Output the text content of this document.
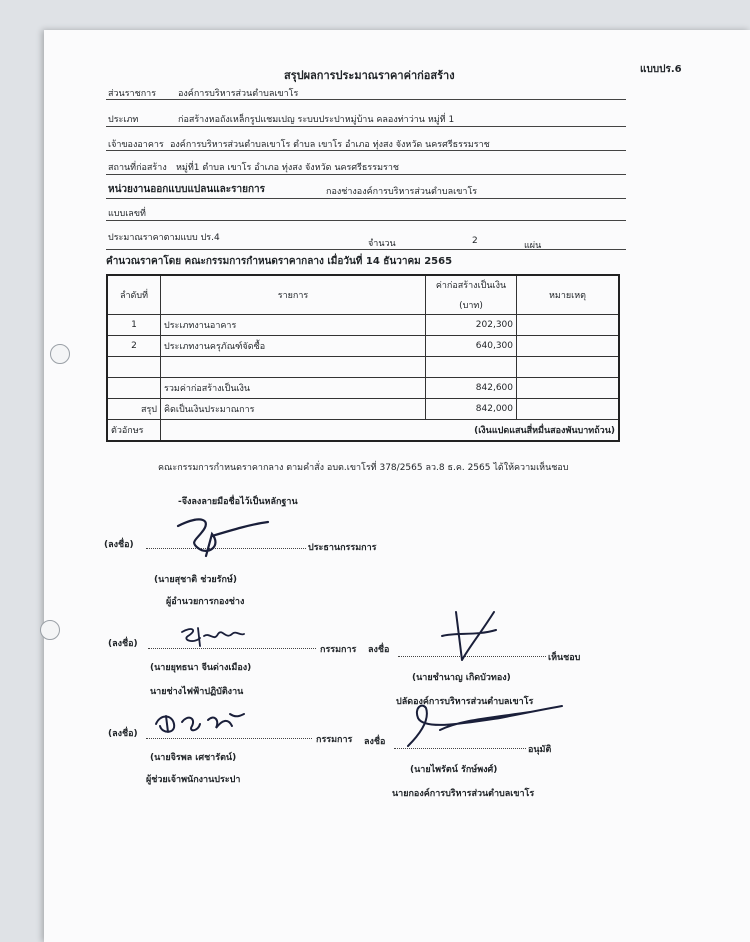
แบบปร.6
สรุปผลการประมาณราคาค่าก่อสร้าง
ส่วนราชการ องค์การบริหารส่วนตำบลเขาโร
ประเภท	ก่อสร้างหอถังเหล็กรูปแชมเปญ ระบบประปาหมู่บ้าน คลองท่าว่าน หมู่ที่ 1
เจ้าของอาคาร องค์การบริหารส่วนตำบลเขาโร ตำบล เขาโร อำเภอ ทุ่งสง จังหวัด นครศรีธรรมราช
สถานที่ก่อสร้าง หมู่ที่1 ตำบล เขาโร อำเภอ ทุ่งสง จังหวัด นครศรีธรรมราช
หน่วยงานออกแบบแปลนและรายการ	กองช่างองค์การบริหารส่วนตำบลเขาโร
แบบเลขที่
ประมาณราคาตามแบบ ปร.4
จำนวน	2	แผ่น
คำนวณราคาโดย คณะกรรมการกำหนดราคากลาง เมื่อวันที่ 14 ธันวาคม 2565
ลำดับที่	รายการ	ค่าก่อสร้างเป็นเงิน
(บาท)	หมายเหตุ
1	ประเภทงานอาคาร	202,300	
2	ประเภทงานครุภัณฑ์จัดซื้อ	640,300	

	รวมค่าก่อสร้างเป็นเงิน	842,600	
สรุป	คิดเป็นเงินประมาณการ	842,000	
ตัวอักษร	(เงินแปดแสนสี่หมื่นสองพันบาทถ้วน)		
คณะกรรมการกำหนดราคากลาง ตามคำสั่ง อบต.เขาโรที่ 378/2565 ลว.8 ธ.ค. 2565 ได้ให้ความเห็นชอบ
-จึงลงลายมือชื่อไว้เป็นหลักฐาน
(ลงชื่อ)	ประธานกรรมการ
(นายสุชาติ ช่วยรักษ์)
ผู้อำนวยการกองช่าง
(ลงชื่อ)
กรรมการ
(นายยุทธนา จีนด่างเมือง)
นายช่างไฟฟ้าปฏิบัติงาน
ลงชื่อ
เห็นชอบ
(นายชำนาญ เกิดบัวทอง)
ปลัดองค์การบริหารส่วนตำบลเขาโร
(ลงชื่อ)
กรรมการ
(นายจิรพล เศชารัตน์)
ผู้ช่วยเจ้าพนักงานประปา
ลงชื่อ
อนุมัติ
(นายไพรัตน์ รักษ์พงศ์)
นายกองค์การบริหารส่วนตำบลเขาโร
